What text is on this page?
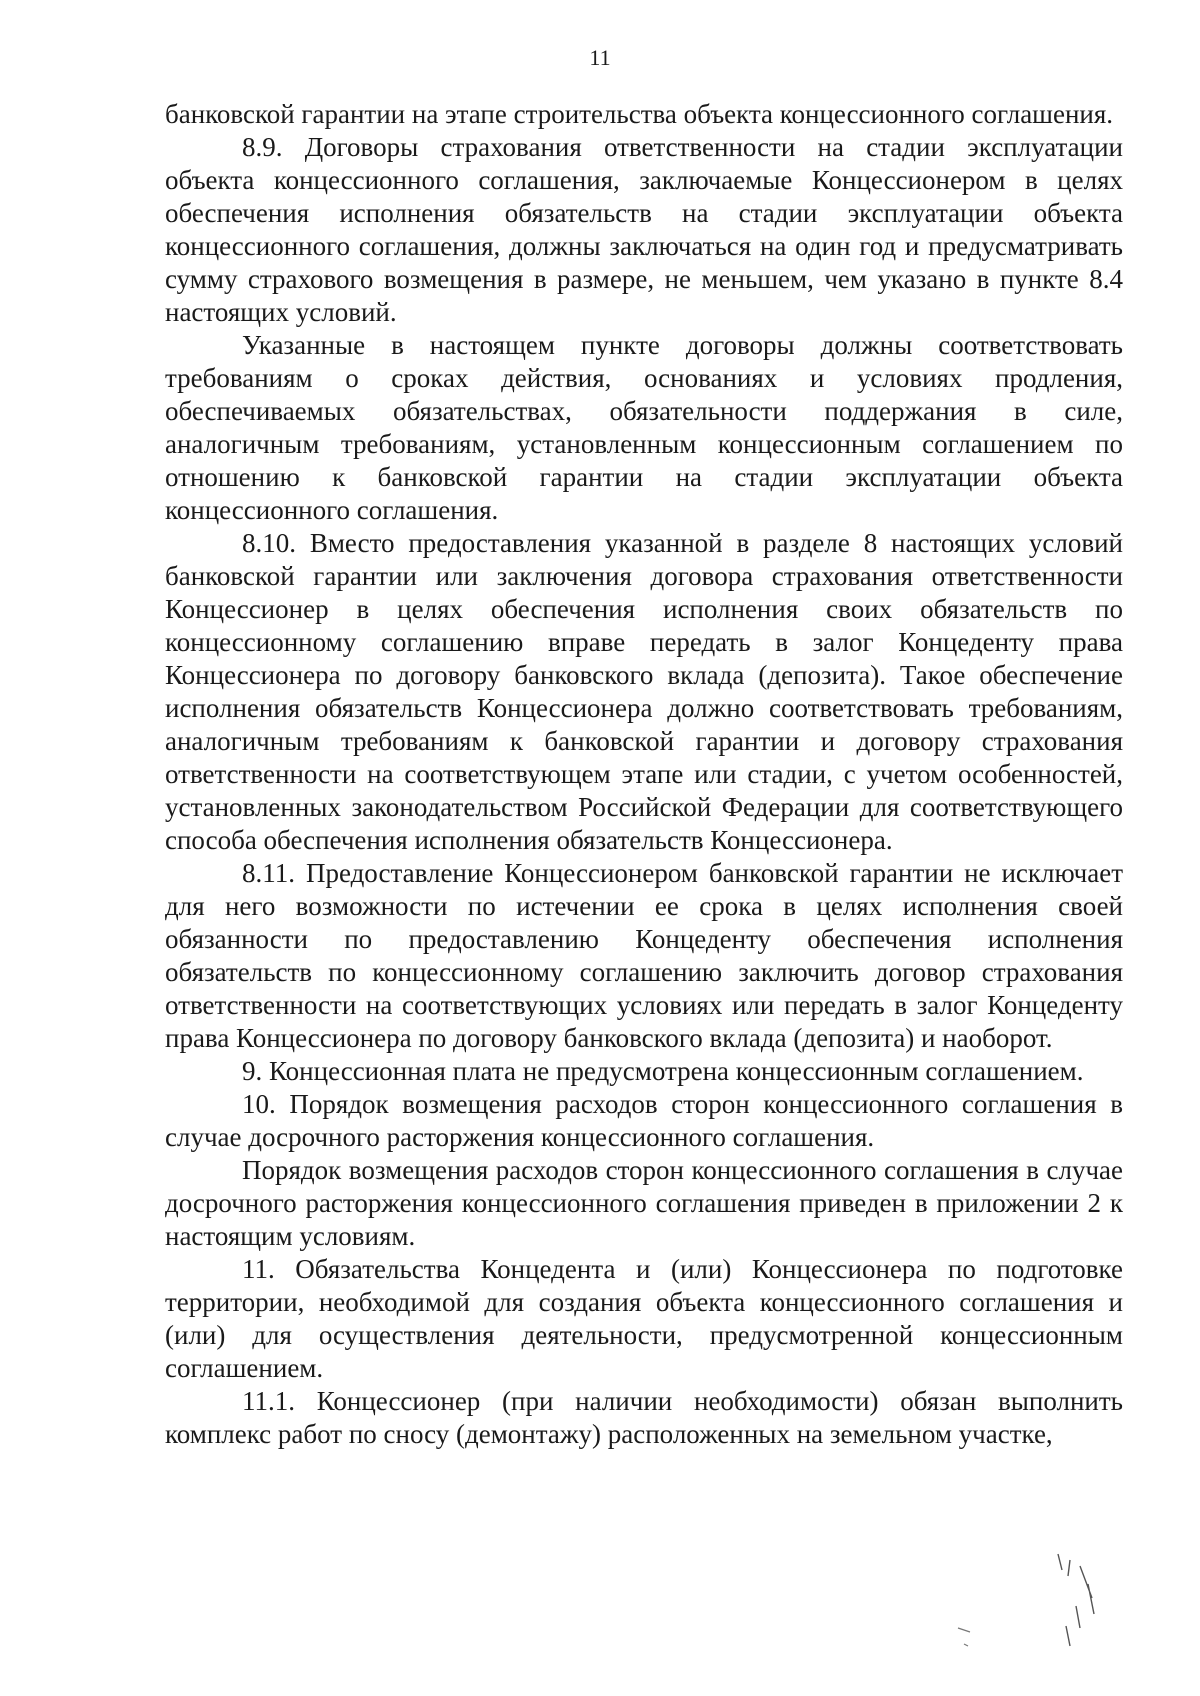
11

банковской гарантии на этапе строительства объекта концессионного соглашения.

8.9. Договоры страхования ответственности на стадии эксплуатации объекта концессионного соглашения, заключаемые Концессионером в целях обеспечения исполнения обязательств на стадии эксплуатации объекта концессионного соглашения, должны заключаться на один год и предусматривать сумму страхового возмещения в размере, не меньшем, чем указано в пункте 8.4 настоящих условий.

Указанные в настоящем пункте договоры должны соответствовать требованиям о сроках действия, основаниях и условиях продления, обеспечиваемых обязательствах, обязательности поддержания в силе, аналогичным требованиям, установленным концессионным соглашением по отношению к банковской гарантии на стадии эксплуатации объекта концессионного соглашения.

8.10. Вместо предоставления указанной в разделе 8 настоящих условий банковской гарантии или заключения договора страхования ответственности Концессионер в целях обеспечения исполнения своих обязательств по концессионному соглашению вправе передать в залог Концеденту права Концессионера по договору банковского вклада (депозита). Такое обеспечение исполнения обязательств Концессионера должно соответствовать требованиям, аналогичным требованиям к банковской гарантии и договору страхования ответственности на соответствующем этапе или стадии, с учетом особенностей, установленных законодательством Российской Федерации для соответствующего способа обеспечения исполнения обязательств Концессионера.

8.11. Предоставление Концессионером банковской гарантии не исключает для него возможности по истечении ее срока в целях исполнения своей обязанности по предоставлению Концеденту обеспечения исполнения обязательств по концессионному соглашению заключить договор страхования ответственности на соответствующих условиях или передать в залог Концеденту права Концессионера по договору банковского вклада (депозита) и наоборот.

9. Концессионная плата не предусмотрена концессионным соглашением.

10. Порядок возмещения расходов сторон концессионного соглашения в случае досрочного расторжения концессионного соглашения.

Порядок возмещения расходов сторон концессионного соглашения в случае досрочного расторжения концессионного соглашения приведен в приложении 2 к настоящим условиям.

11. Обязательства Концедента и (или) Концессионера по подготовке территории, необходимой для создания объекта концессионного соглашения и (или) для осуществления деятельности, предусмотренной концессионным соглашением.

11.1. Концессионер (при наличии необходимости) обязан выполнить комплекс работ по сносу (демонтажу) расположенных на земельном участке,
